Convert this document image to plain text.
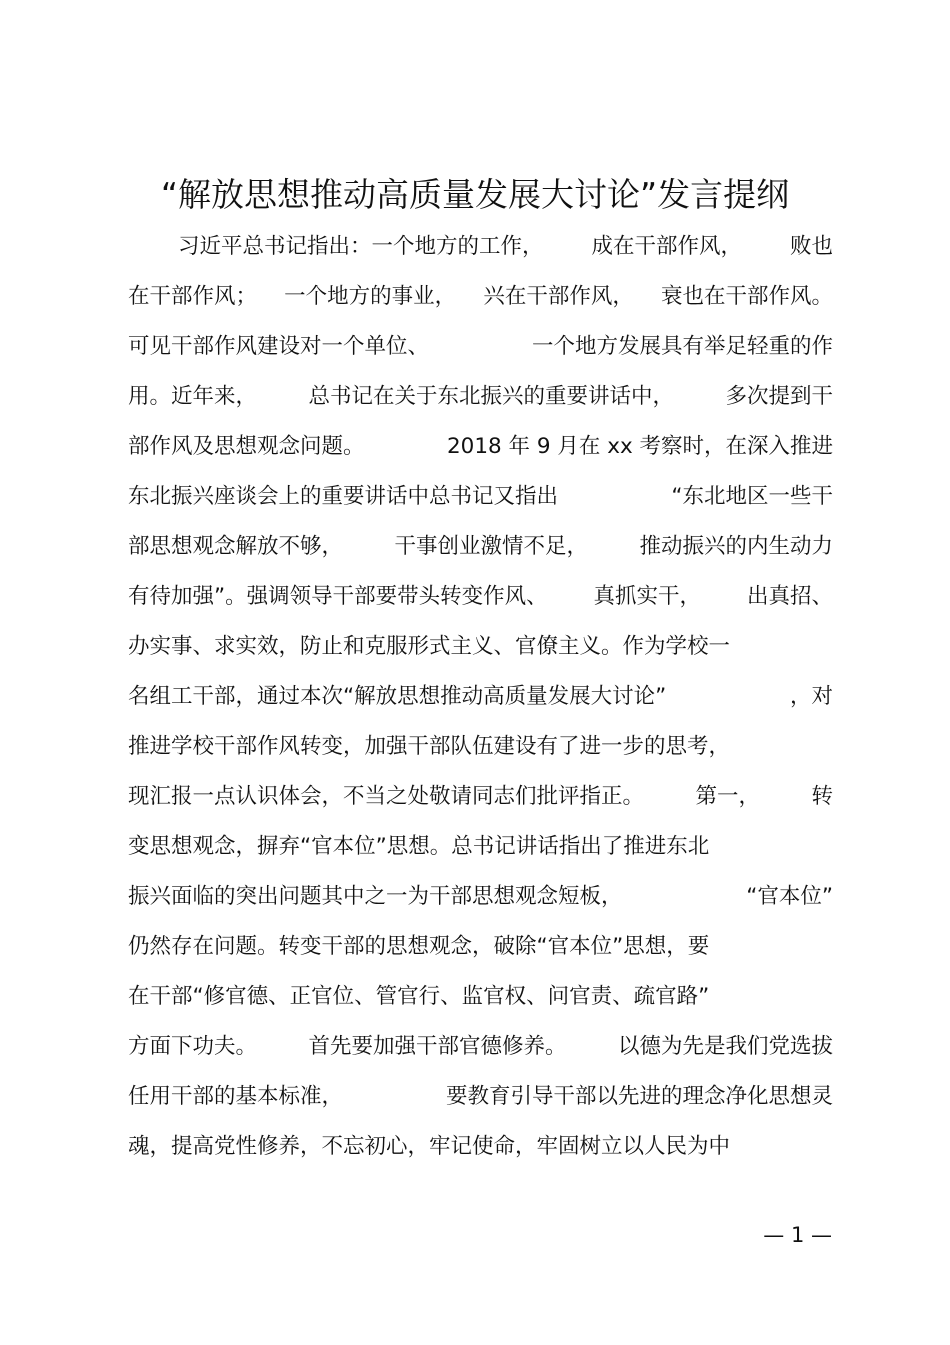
“解放思想推动高质量发展大讨论”发言提纲
习近平总书记指出：一个地方的工作， 成在干部作风， 败也
在干部作风； 一个地方的事业， 兴在干部作风， 衰也在干部作风。
可见干部作风建设对一个单位、	一个地方发展具有举足轻重的作
用。近年来， 总书记在关于东北振兴的重要讲话中， 多次提到干
部作风及思想观念问题。	2018 年 9 月在 xx 考察时，在深入推进
东北振兴座谈会上的重要讲话中总书记又指出	“东北地区一些干
部思想观念解放不够， 干事创业激情不足， 推动振兴的内生动力
有待加强”。强调领导干部要带头转变作风、 真抓实干， 出真招、
办实事、求实效，防止和克服形式主义、官僚主义。作为学校一
名组工干部，通过本次“解放思想推动高质量发展大讨论”	，对
推进学校干部作风转变，加强干部队伍建设有了进一步的思考，
现汇报一点认识体会，不当之处敬请同志们批评指正。 第一， 转
变思想观念，摒弃“官本位”思想。总书记讲话指出了推进东北
振兴面临的突出问题其中之一为干部思想观念短板，	“官本位”
仍然存在问题。转变干部的思想观念，破除“官本位”思想，要
在干部“修官德、正官位、管官行、监官权、问官责、疏官路”
方面下功夫。 首先要加强干部官德修养。 以德为先是我们党选拔
任用干部的基本标准，	要教育引导干部以先进的理念净化思想灵
魂，提高党性修养，不忘初心，牢记使命，牢固树立以人民为中
— 1 —
